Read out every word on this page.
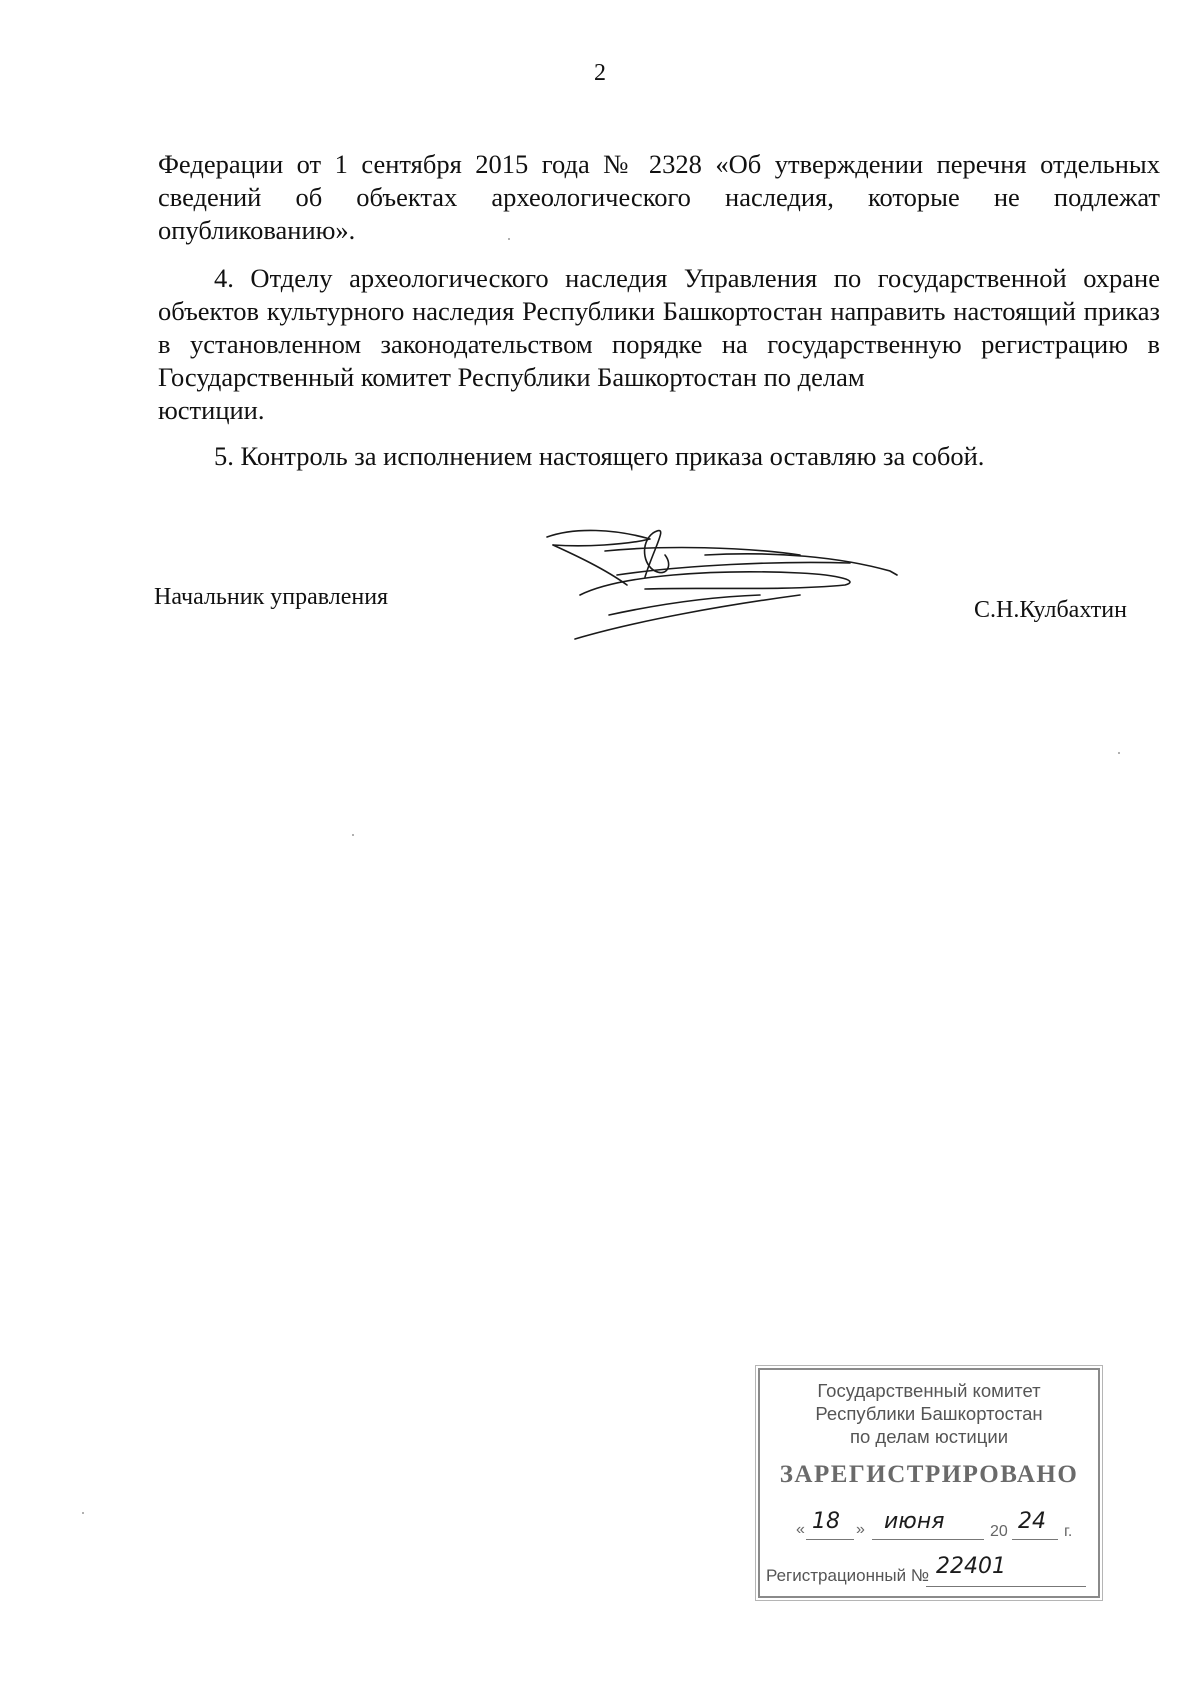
2
Федерации от 1 сентября 2015 года № 2328 «Об утверждении перечня отдельных
сведений об объектах археологического наследия, которые не подлежат
опубликованию».
4. Отделу археологического наследия Управления по государственной охране объектов культурного наследия Республики Башкортостан направить настоящий приказ в установленном законодательством порядке на государственную регистрацию в Государственный комитет Республики Башкортостан по делам
юстиции.
5. Контроль за исполнением настоящего приказа оставляю за собой.
Начальник управления	С.Н.Кулбахтин
Государственный комитет
Республики Башкортостан
по делам юстиции
ЗАРЕГИСТРИРОВАНО
« 18 » июня	20 24 г.
Регистрационный № 22401
